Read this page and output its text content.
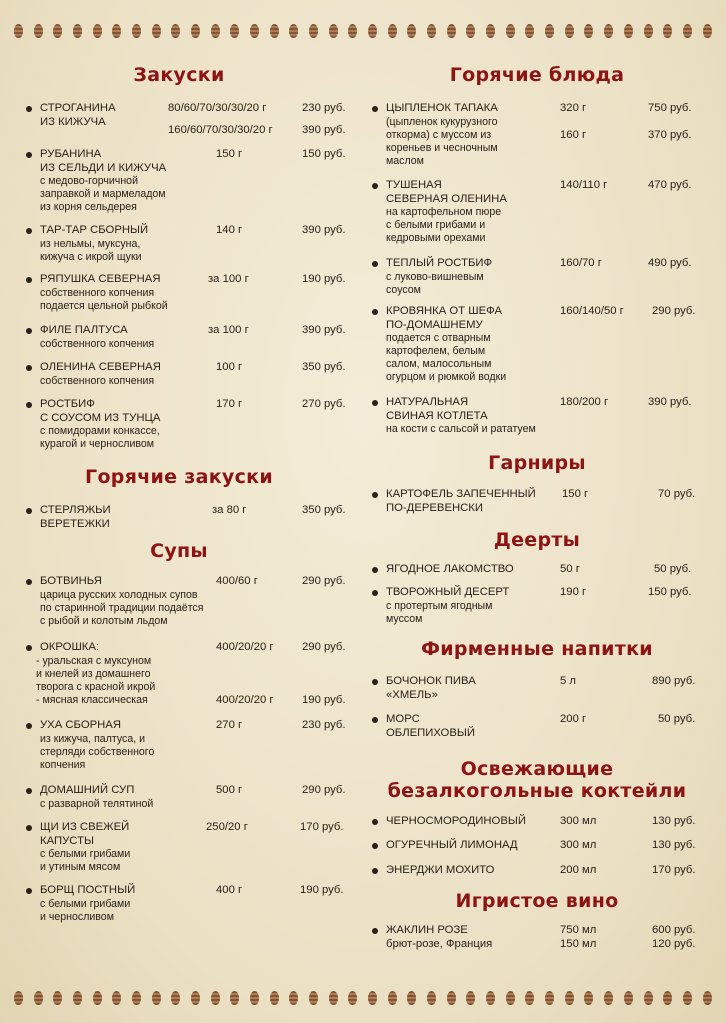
Закуски
СТРОГАНИНА
ИЗ КИЖУЧА
80/60/70/30/30/20 г	230 руб.
160/60/70/30/30/20 г	390 руб.
РУБАНИНА
ИЗ СЕЛЬДИ И КИЖУЧА
с медово-горчичной
заправкой и мармеладом
из корня сельдерея
150 г	150 руб.
ТАР-ТАР СБОРНЫЙ
из нельмы, муксуна,
кижуча с икрой щуки
140 г	390 руб.
РЯПУШКА СЕВЕРНАЯ
собственного копчения
подается цельной рыбкой
за 100 г	190 руб.
ФИЛЕ ПАЛТУСА
собственного копчения
за 100 г	390 руб.
ОЛЕНИНА СЕВЕРНАЯ
собственного копчения
100 г	350 руб.
РОСТБИФ
С СОУСОМ ИЗ ТУНЦА
с помидорами конкассе,
курагой и черносливом
170 г	270 руб.
Горячие закуски
СТЕРЛЯЖЬИ
ВЕРЕТЕЖКИ
за 80 г	350 руб.
Супы
БОТВИНЬЯ
царица русских холодных супов
по старинной традиции подаётся
с рыбой и колотым льдом
400/60 г	290 руб.
ОКРОШКА:
- уральская с муксуном
и кнелей из домашнего
творога с красной икрой
- мясная классическая
400/20/20 г	290 руб.
400/20/20 г	190 руб.
УХА СБОРНАЯ
из кижуча, палтуса, и
стерляди собственного
копчения
270 г	230 руб.
ДОМАШНИЙ СУП
с разварной телятиной
500 г	290 руб.
ЩИ ИЗ СВЕЖЕЙ
КАПУСТЫ
с белыми грибами
и утиным мясом
250/20 г	170 руб.
БОРЩ ПОСТНЫЙ
с белыми грибами
и черносливом
400 г	190 руб.
Горячие блюда
ЦЫПЛЕНОК ТАПАКА
(цыпленок кукурузного
откорма) с муссом из
кореньев и чесночным
маслом
320 г	750 руб.
160 г	370 руб.
ТУШЕНАЯ
СЕВЕРНАЯ ОЛЕНИНА
на картофельном пюре
с белыми грибами и
кедровыми орехами
140/110 г	470 руб.
ТЕПЛЫЙ РОСТБИФ
с луково-вишневым
соусом
160/70 г	490 руб.
КРОВЯНКА ОТ ШЕФА
ПО-ДОМАШНЕМУ
подается с отварным
картофелем, белым
салом, малосольным
огурцом и рюмкой водки
160/140/50 г 290 руб.
НАТУРАЛЬНАЯ
СВИНАЯ КОТЛЕТА
на кости с сальсой и рататуем
180/200 г	390 руб.
Гарниры
КАРТОФЕЛЬ ЗАПЕЧЕННЫЙ
ПО-ДЕРЕВЕНСКИ
150 г	70 руб.
Деерты
ЯГОДНОЕ ЛАКОМСТВО	50 г	50 руб.
ТВОРОЖНЫЙ ДЕСЕРТ
с протертым ягодным
муссом
190 г	150 руб.
Фирменные напитки
БОЧОНОК ПИВА
«ХМЕЛЬ»
5 л	890 руб.
МОРС
ОБЛЕПИХОВЫЙ
200 г	50 руб.
Освежающие
безалкогольные коктейли
ЧЕРНОСМОРОДИНОВЫЙ	300 мл	130 руб.
ОГУРЕЧНЫЙ ЛИМОНАД	300 мл	130 руб.
ЭНЕРДЖИ МОХИТО	200 мл	170 руб.
Игристое вино
ЖАКЛИН РОЗЕ
брют-розе, Франция
750 мл	600 руб.
150 мл	120 руб.
